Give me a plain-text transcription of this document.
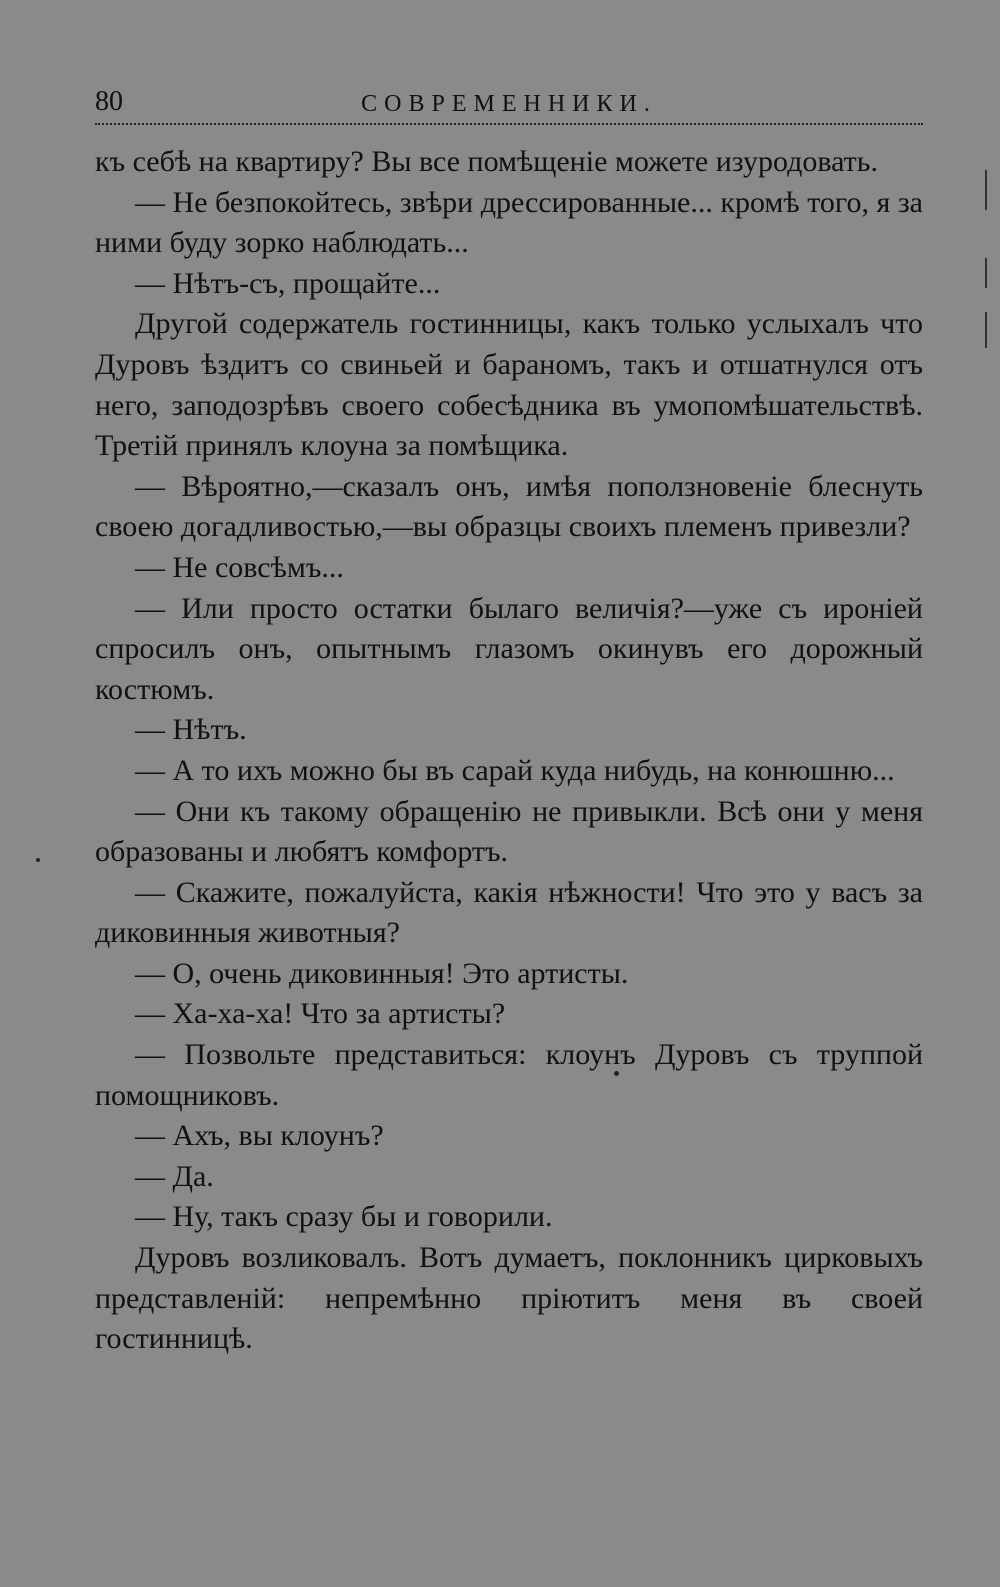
80	СОВРЕМЕННИКИ.

къ себѣ на квартиру? Вы все помѣщенiе можете изуродовать.

— Не безпокойтесь, звѣри дрессированные... кромѣ того, я за ними буду зорко наблюдать...

— Нѣтъ-съ, прощайте...

Другой содержатель гостинницы, какъ только услыхалъ что Дуровъ ѣздитъ со свиньей и бараномъ, такъ и отшатнулся отъ него, заподозрѣвъ своего собесѣдника въ умопомѣшательствѣ. Третiй принялъ клоуна за помѣщика.

— Вѣроятно,—сказалъ онъ, имѣя поползновенiе блеснуть своею догадливостью,—вы образцы своихъ племенъ привезли?

— Не совсѣмъ...

— Или просто остатки былаго величiя?—уже съ иронiей спросилъ онъ, опытнымъ глазомъ окинувъ его дорожный костюмъ.

— Нѣтъ.

— А то ихъ можно бы въ сарай куда нибудь, на конюшню...

— Они къ такому обращенiю не привыкли. Всѣ они у меня образованы и любятъ комфортъ.

— Скажите, пожалуйста, какiя нѣжности! Что это у васъ за диковинныя животныя?

— О, очень диковинныя! Это артисты.

— Ха-ха-ха! Что за артисты?

— Позвольте представиться: клоунъ Дуровъ съ труппой помощниковъ.

— Ахъ, вы клоунъ?

— Да.

— Ну, такъ сразу бы и говорили.

Дуровъ возликовалъ. Вотъ думаетъ, поклонникъ цирковыхъ представленiй: непремѣнно прiютитъ меня въ своей гостинницѣ.
